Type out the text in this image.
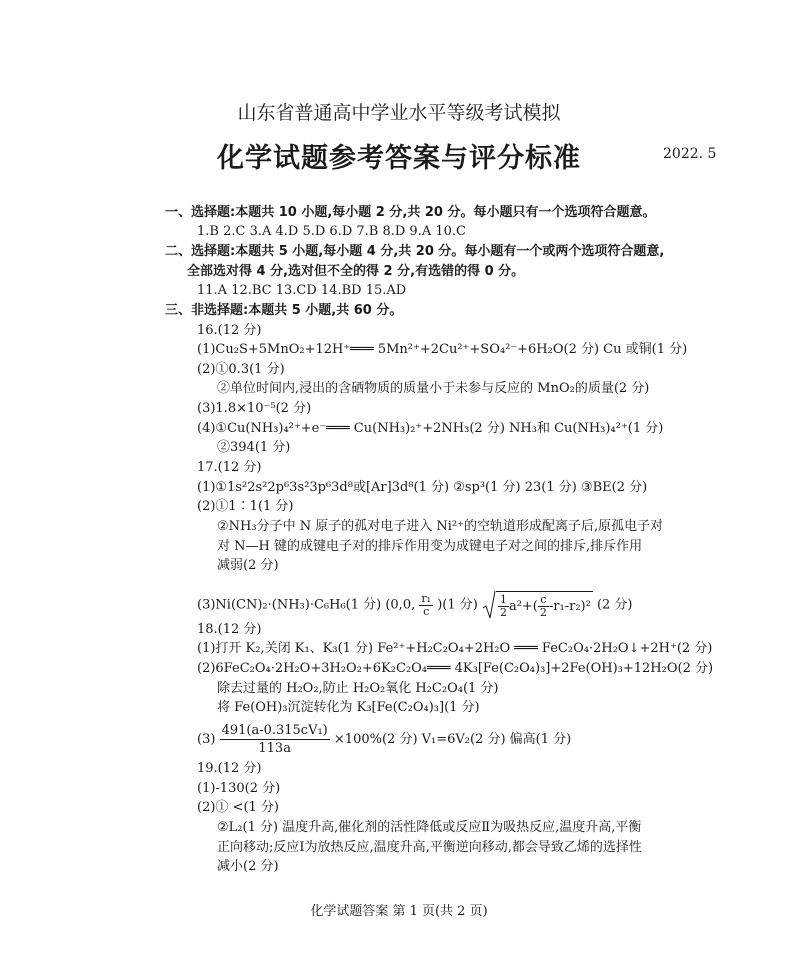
山东省普通高中学业水平等级考试模拟
化学试题参考答案与评分标准	2022. 5
一、选择题:本题共 10 小题,每小题 2 分,共 20 分。每小题只有一个选项符合题意。
1.B 2.C 3.A 4.D 5.D 6.D 7.B 8.D 9.A 10.C
二、选择题:本题共 5 小题,每小题 4 分,共 20 分。每小题有一个或两个选项符合题意,
全部选对得 4 分,选对但不全的得 2 分,有选错的得 0 分。
11.A 12.BC 13.CD 14.BD 15.AD
三、非选择题:本题共 5 小题,共 60 分。
16.(12 分)
(1)Cu₂S+5MnO₂+12H⁺═══ 5Mn²⁺+2Cu²⁺+SO₄²⁻+6H₂O(2 分) Cu 或铜(1 分)
(2)①0.3(1 分)
②单位时间内,浸出的含硒物质的质量小于未参与反应的 MnO₂的质量(2 分)
(3)1.8×10⁻⁵(2 分)
(4)①Cu(NH₃)₄²⁺+e⁻═══ Cu(NH₃)₂⁺+2NH₃(2 分) NH₃和 Cu(NH₃)₄²⁺(1 分)
②394(1 分)
17.(12 分)
(1)①1s²2s²2p⁶3s²3p⁶3d⁸或[Ar]3d⁸(1 分) ②sp³(1 分) 23(1 分) ③BE(2 分)
(2)①1∶1(1 分)
②NH₃分子中 N 原子的孤对电子进入 Ni²⁺的空轨道形成配离子后,原孤电子对
对 N—H 键的成键电子对的排斥作用变为成键电子对之间的排斥,排斥作用
减弱(2 分)
18.(12 分)
(1)打开 K₂,关闭 K₁、K₃(1 分) Fe²⁺+H₂C₂O₄+2H₂O ═══ FeC₂O₄·2H₂O↓+2H⁺(2 分)
(2)6FeC₂O₄·2H₂O+3H₂O₂+6K₂C₂O₄═══ 4K₃[Fe(C₂O₄)₃]+2Fe(OH)₃+12H₂O(2 分)
除去过量的 H₂O₂,防止 H₂O₂氧化 H₂C₂O₄(1 分)
将 Fe(OH)₃沉淀转化为 K₃[Fe(C₂O₄)₃](1 分)
19.(12 分)
(1)-130(2 分)
(2)① <(1 分)
②L₂(1 分) 温度升高,催化剂的活性降低或反应Ⅱ为吸热反应,温度升高,平衡
正向移动;反应Ⅰ为放热反应,温度升高,平衡逆向移动,都会导致乙烯的选择性
减小(2 分)
(3)Ni(CN)₂·(NH₃)·C₆H₆(1 分) (0,0, $\frac{\text{r₁}}{c} )(1$ 分) $\frac{1}{2} a^2+( \frac{c}{2} -r_1-r_2)^2$ (2 分)
$(3) \frac{\text{491(a-0.315cV₁)}}{113a} \times 100\%(2$ 分) V₁=6V₂(2 分) 偏高(1 分)
化学试题答案 第 1 页(共 2 页)
